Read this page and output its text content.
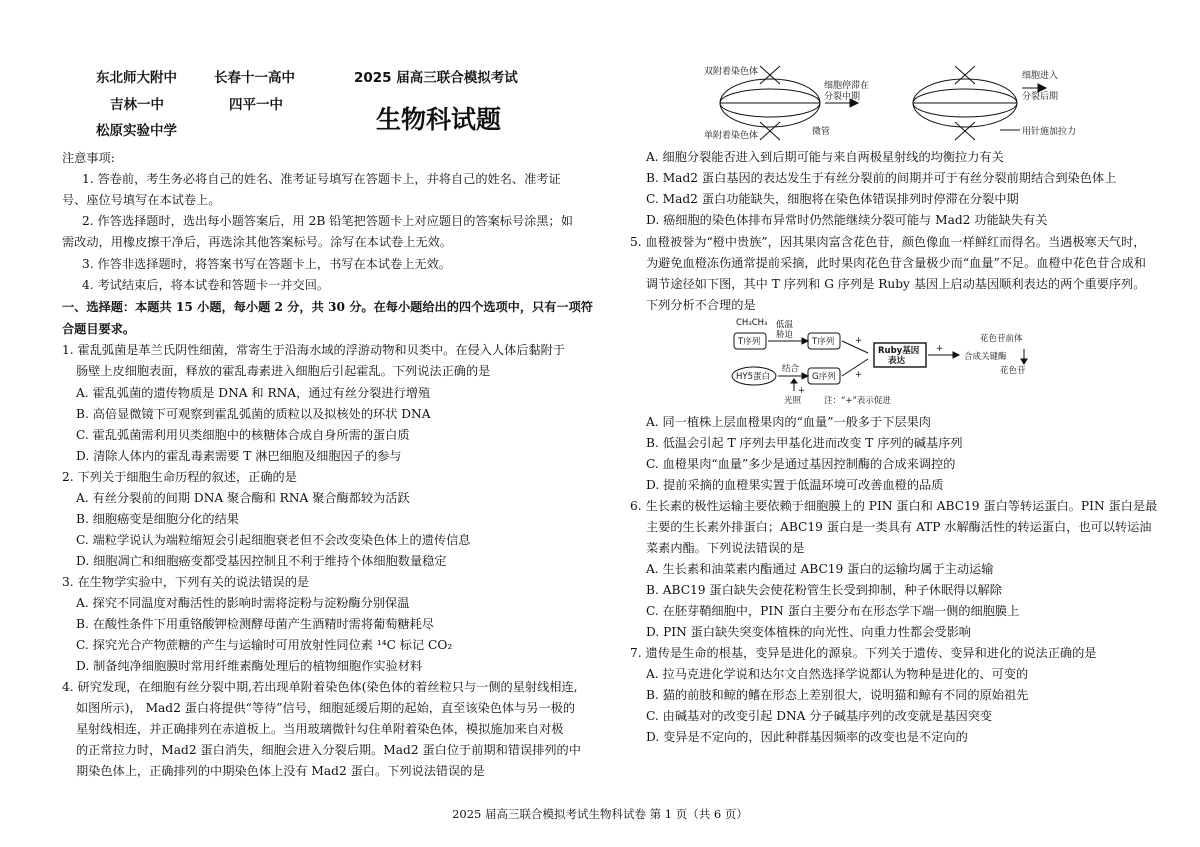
东北师大附中	长春十一高中	2025 届高三联合模拟考试
吉林一中	四平一中
松原实验中学	生物科试题
注意事项:
1. 答卷前，考生务必将自己的姓名、准考证号填写在答题卡上，并将自己的姓名、准考证
号、座位号填写在本试卷上。
2. 作答选择题时，选出每小题答案后，用 2B 铅笔把答题卡上对应题目的答案标号涂黑；如
需改动，用橡皮擦干净后，再选涂其他答案标号。涂写在本试卷上无效。
3. 作答非选择题时，将答案书写在答题卡上，书写在本试卷上无效。
4. 考试结束后，将本试卷和答题卡一并交回。
一、选择题：本题共 15 小题，每小题 2 分，共 30 分。在每小题给出的四个选项中，只有一项符
合题目要求。
1. 霍乱弧菌是革兰氏阴性细菌，常寄生于沿海水域的浮游动物和贝类中。在侵入人体后黏附于
肠壁上皮细胞表面，释放的霍乱毒素进入细胞后引起霍乱。下列说法正确的是
A. 霍乱弧菌的遗传物质是 DNA 和 RNA，通过有丝分裂进行增殖
B. 高倍显微镜下可观察到霍乱弧菌的质粒以及拟核处的环状 DNA
C. 霍乱弧菌需利用贝类细胞中的核糖体合成自身所需的蛋白质
D. 清除人体内的霍乱毒素需要 T 淋巴细胞及细胞因子的参与
2. 下列关于细胞生命历程的叙述，正确的是
A. 有丝分裂前的间期 DNA 聚合酶和 RNA 聚合酶都较为活跃
B. 细胞癌变是细胞分化的结果
C. 端粒学说认为端粒缩短会引起细胞衰老但不会改变染色体上的遗传信息
D. 细胞凋亡和细胞癌变都受基因控制且不利于维持个体细胞数量稳定
3. 在生物学实验中，下列有关的说法错误的是
A. 探究不同温度对酶活性的影响时需将淀粉与淀粉酶分别保温
B. 在酸性条件下用重铬酸钾检测酵母菌产生酒精时需将葡萄糖耗尽
C. 探究光合产物蔗糖的产生与运输时可用放射性同位素 ¹⁴C 标记 CO₂
D. 制备纯净细胞膜时常用纤维素酶处理后的植物细胞作实验材料
4. 研究发现，在细胞有丝分裂中期,若出现单附着染色体(染色体的着丝粒只与一侧的星射线相连,
如图所示)， Mad2 蛋白将提供“等待”信号，细胞延缓后期的起始，直至该染色体与另一极的
星射线相连，并正确排列在赤道板上。当用玻璃微针勾住单附着染色体，模拟施加来自对极
的正常拉力时，Mad2 蛋白消失，细胞会进入分裂后期。Mad2 蛋白位于前期和错误排列的中
期染色体上，正确排列的中期染色体上没有 Mad2 蛋白。下列说法错误的是
双附着染色体
单附着染色体	微管
细胞停滞在
分裂中期
细胞进入
分裂后期
用针施加拉力
A. 细胞分裂能否进入到后期可能与来自两极星射线的均衡拉力有关
B. Mad2 蛋白基因的表达发生于有丝分裂前的间期并可于有丝分裂前期结合到染色体上
C. Mad2 蛋白功能缺失，细胞将在染色体错误排列时停滞在分裂中期
D. 癌细胞的染色体排布异常时仍然能继续分裂可能与 Mad2 功能缺失有关
5. 血橙被誉为“橙中贵族”，因其果肉富含花色苷，颜色像血一样鲜红而得名。当遇极寒天气时，
为避免血橙冻伤通常提前采摘，此时果肉花色苷含量极少而“血量”不足。血橙中花色苷合成和
调节途径如下图，其中 T 序列和 G 序列是 Ruby 基因上启动基因顺利表达的两个重要序列。
下列分析不合理的是
CH₃CH₃
T序列	T序列
低温
胁迫
Ruby基因
表达
HY5蛋白
结合
G序列
光照	注：“+”表示促进
花色苷前体
合成关键酶
花色苷
+
+
+
+
A. 同一植株上层血橙果肉的“血量”一般多于下层果肉
B. 低温会引起 T 序列去甲基化进而改变 T 序列的碱基序列
C. 血橙果肉“血量”多少是通过基因控制酶的合成来调控的
D. 提前采摘的血橙果实置于低温环境可改善血橙的品质
6. 生长素的极性运输主要依赖于细胞膜上的 PIN 蛋白和 ABC19 蛋白等转运蛋白。PIN 蛋白是最
主要的生长素外排蛋白；ABC19 蛋白是一类具有 ATP 水解酶活性的转运蛋白，也可以转运油
菜素内酯。下列说法错误的是
A. 生长素和油菜素内酯通过 ABC19 蛋白的运输均属于主动运输
B. ABC19 蛋白缺失会使花粉管生长受到抑制，种子休眠得以解除
C. 在胚芽鞘细胞中，PIN 蛋白主要分布在形态学下端一侧的细胞膜上
D. PIN 蛋白缺失突变体植株的向光性、向重力性都会受影响
7. 遗传是生命的根基，变异是进化的源泉。下列关于遗传、变异和进化的说法正确的是
A. 拉马克进化学说和达尔文自然选择学说都认为物种是进化的、可变的
B. 猫的前肢和鲸的鳍在形态上差别很大，说明猫和鲸有不同的原始祖先
C. 由碱基对的改变引起 DNA 分子碱基序列的改变就是基因突变
D. 变异是不定向的，因此种群基因频率的改变也是不定向的
2025 届高三联合模拟考试生物科试卷 第 1 页（共 6 页）
